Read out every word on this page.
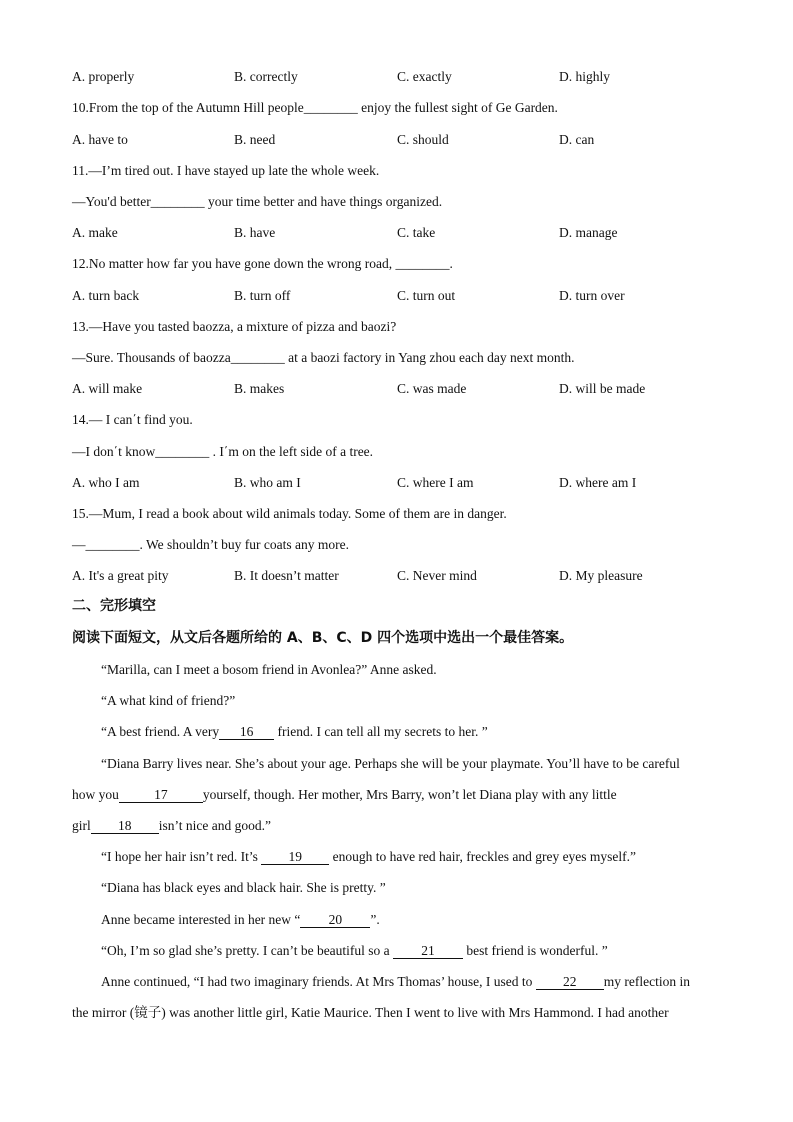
A. properly	B. correctly	C. exactly	D. highly
10.From the top of the Autumn Hill people________ enjoy the fullest sight of Ge Garden.
A. have to	B. need	C. should	D. can
11.—I’m tired out. I have stayed up late the whole week.
—You'd better________ your time better and have things organized.
A. make	B. have	C. take	D. manage
12.No matter how far you have gone down the wrong road, ________.
A. turn back	B. turn off	C. turn out	D. turn over
13.—Have you tasted baozza, a mixture of pizza and baozi?
—Sure. Thousands of baozza________ at a baozi factory in Yang zhou each day next month.
A. will make	B. makes	C. was made	D. will be made
14.— I can΄t find you.
—I don΄t know________ . I΄m on the left side of a tree.
A. who I am	B. who am I	C. where I am	D. where am I
15.—Mum, I read a book about wild animals today. Some of them are in danger.
—________. We shouldn’t buy fur coats any more.
A. It's a great pity	B. It doesn’t matter	C. Never mind	D. My pleasure
二、完形填空
阅读下面短文，从文后各题所给的 A、B、C、D 四个选项中选出一个最佳答案。
“Marilla, can I meet a bosom friend in Avonlea?” Anne asked.
“A what kind of friend?”
“A best friend. A very 16 friend. I can tell all my secrets to her. ”
“Diana Barry lives near. She’s about your age. Perhaps she will be your playmate. You’ll have to be careful
how you	17	yourself, though. Her mother, Mrs Barry, won’t let Diana play with any little
girl 18 isn’t nice and good.”
“I hope her hair isn’t red. It’s 19 enough to have red hair, freckles and grey eyes myself.”
“Diana has black eyes and black hair. She is pretty. ”
Anne became interested in her new “ 20 ”.
“Oh, I’m so glad she’s pretty. I can’t be beautiful so a 21 best friend is wonderful. ”
Anne continued, “I had two imaginary friends. At Mrs Thomas’ house, I used to 22 my reflection in
the mirror (镜子) was another little girl, Katie Maurice. Then I went to live with Mrs Hammond. I had another
